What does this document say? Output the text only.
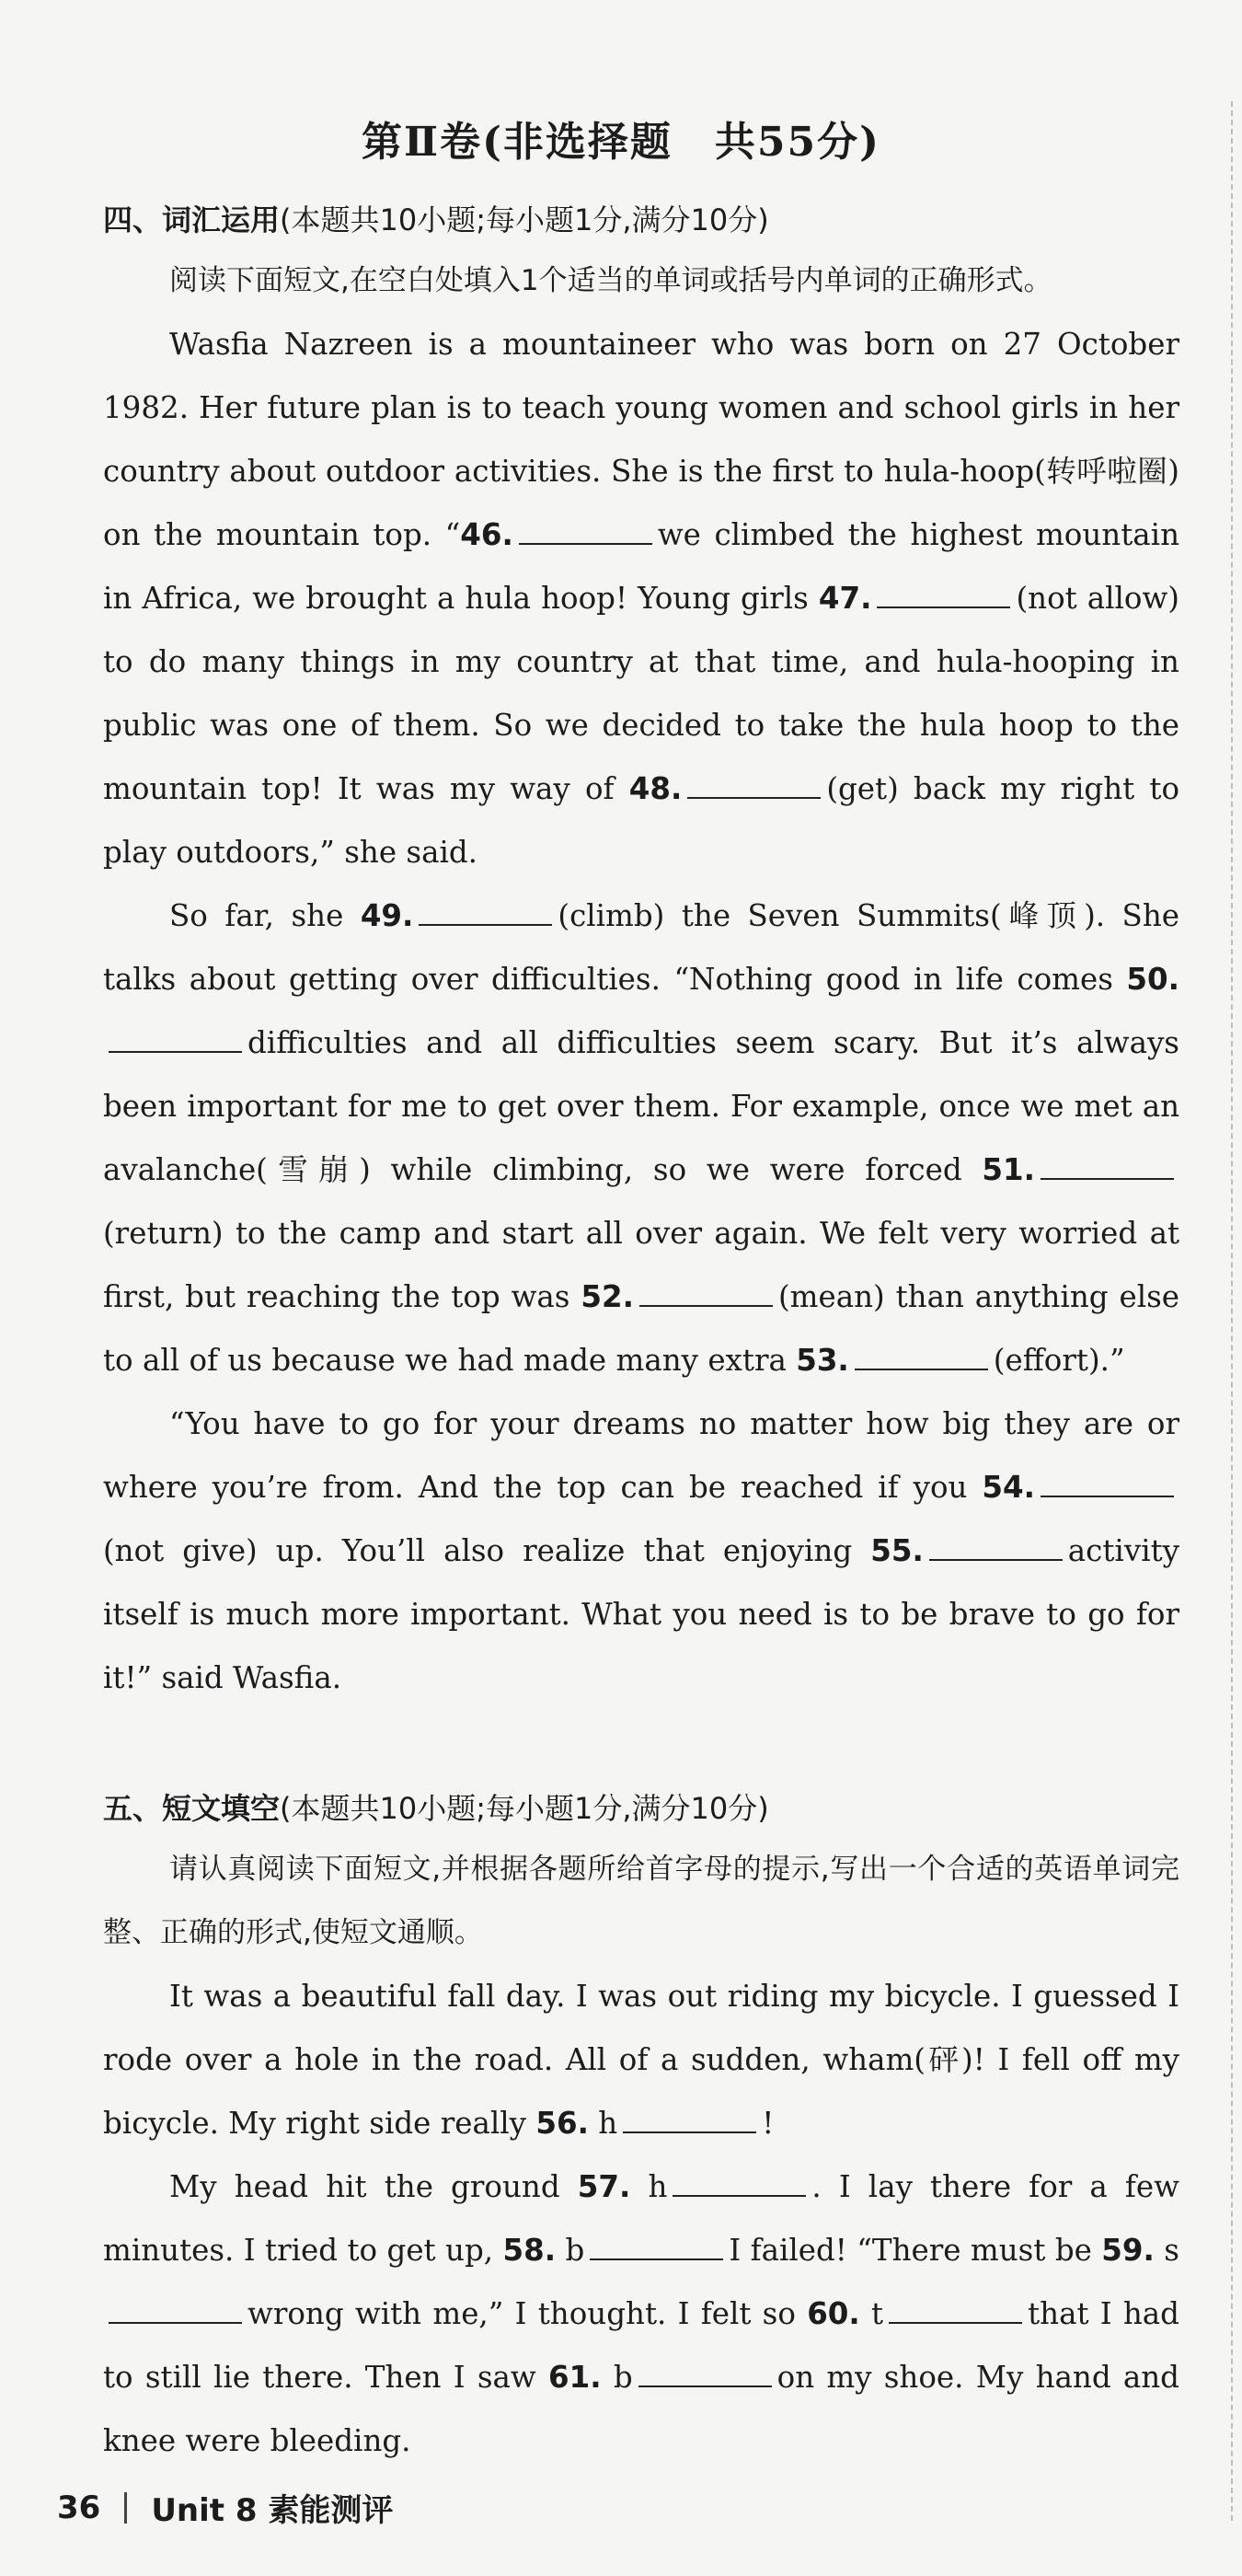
第Ⅱ卷(非选择题　共55分)
四、词汇运用(本题共10小题;每小题1分,满分10分)

阅读下面短文,在空白处填入1个适当的单词或括号内单词的正确形式。

Wasfia Nazreen is a mountaineer who was born on 27 October 1982. Her future plan is to teach young women and school girls in her country about outdoor activities. She is the first to hula-hoop(转呼啦圈) on the mountain top. “46.	we climbed the highest mountain in Africa, we brought a hula hoop! Young girls 47.	(not allow) to do many things in my country at that time, and hula-hooping in public was one of them. So we decided to take the hula hoop to the mountain top! It was my way of 48.	(get) back my right to play outdoors,” she said.

So far, she 49.	(climb) the Seven Summits(峰顶). She talks about getting over difficulties. “Nothing good in life comes 50.difficulties and all difficulties seem scary. But it’s always been important for me to get over them. For example, once we met an avalanche(雪崩) while climbing, so we were forced 51.(return) to the camp and start all over again. We felt very worried at first, but reaching the top was 52.	(mean) than anything else to all of us because we had made many extra 53.	(effort).”

“You have to go for your dreams no matter how big they are or where you’re from. And the top can be reached if you 54.(not give) up. You’ll also realize that enjoying 55.	activity itself is much more important. What you need is to be brave to go for it!” said Wasfia.

五、短文填空(本题共10小题;每小题1分,满分10分)

请认真阅读下面短文,并根据各题所给首字母的提示,写出一个合适的英语单词完整、正确的形式,使短文通顺。

It was a beautiful fall day. I was out riding my bicycle. I guessed I rode over a hole in the road. All of a sudden, wham(砰)! I fell off my bicycle. My right side really 56. h	!

My head hit the ground 57. h	. I lay there for a few minutes. I tried to get up, 58. b	I failed! “There must be 59. swrong with me,” I thought. I felt so 60. t	that I had to still lie there. Then I saw 61. b	on my shoe. My hand and knee were bleeding.

36 Unit 8 素能测评
